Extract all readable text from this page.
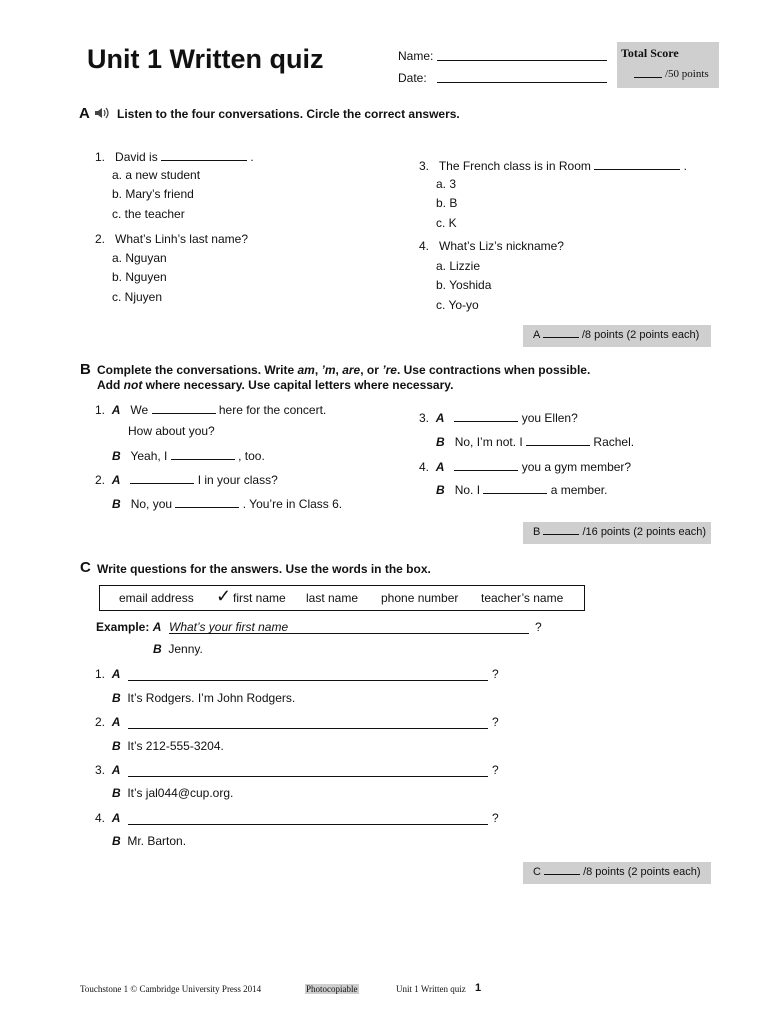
Unit 1 Written quiz	Name:
Date:
Total Score
/50 points
A Listen to the four conversations. Circle the correct answers.
1. David is	.
a. a new student
b. Mary’s friend
c. the teacher
2. What’s Linh’s last name?
a. Nguyan
b. Nguyen
c. Njuyen
3. The French class is in Room	.
a. 3
b. B
c. K
4. What’s Liz’s nickname?
a. Lizzie
b. Yoshida
c. Yo-yo
A	/8 points (2 points each)
B Complete the conversations. Write am, ’m, are, or ’re. Use contractions when possible.
Add not where necessary. Use capital letters where necessary.
1. A We	here for the concert.
How about you?
B Yeah, I	, too.
2. A	I in your class?
B No, you	. You’re in Class 6.
3. A	you Ellen?
B No, I’m not. I	Rachel.
4. A	you a gym member?
B No. I	a member.
B	/16 points (2 points each)
C Write questions for the answers. Use the words in the box.
email address ✓ first name last name phone number teacher’s name
Example: A What’s your first name	?
B Jenny.
1. A	?
B It’s Rodgers. I’m John Rodgers.
2. A	?
B It’s 212-555-3204.
3. A	?
B It’s jal044@cup.org.
4. A	?
B Mr. Barton.
C	/8 points (2 points each)
Touchstone 1 © Cambridge University Press 2014	Photocopiable	Unit 1 Written quiz 1
